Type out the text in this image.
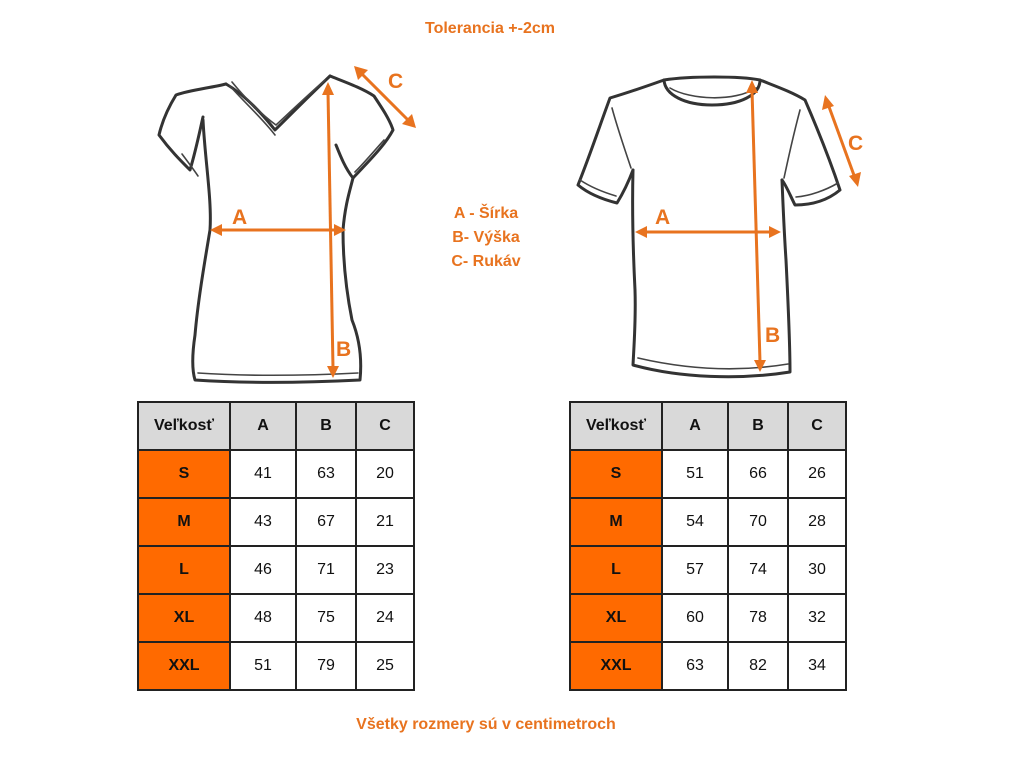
Tolerancia +-2cm
A
B
C
A
B
C
A - Šírka
B- Výška
C- Rukáv
Veľkosť	A	B	C
S	41	63	20
M	43	67	21
L	46	71	23
XL	48	75	24
XXL	51	79	25
Veľkosť	A	B	C
S	51	66	26
M	54	70	28
L	57	74	30
XL	60	78	32
XXL	63	82	34
Všetky rozmery sú v centimetroch
